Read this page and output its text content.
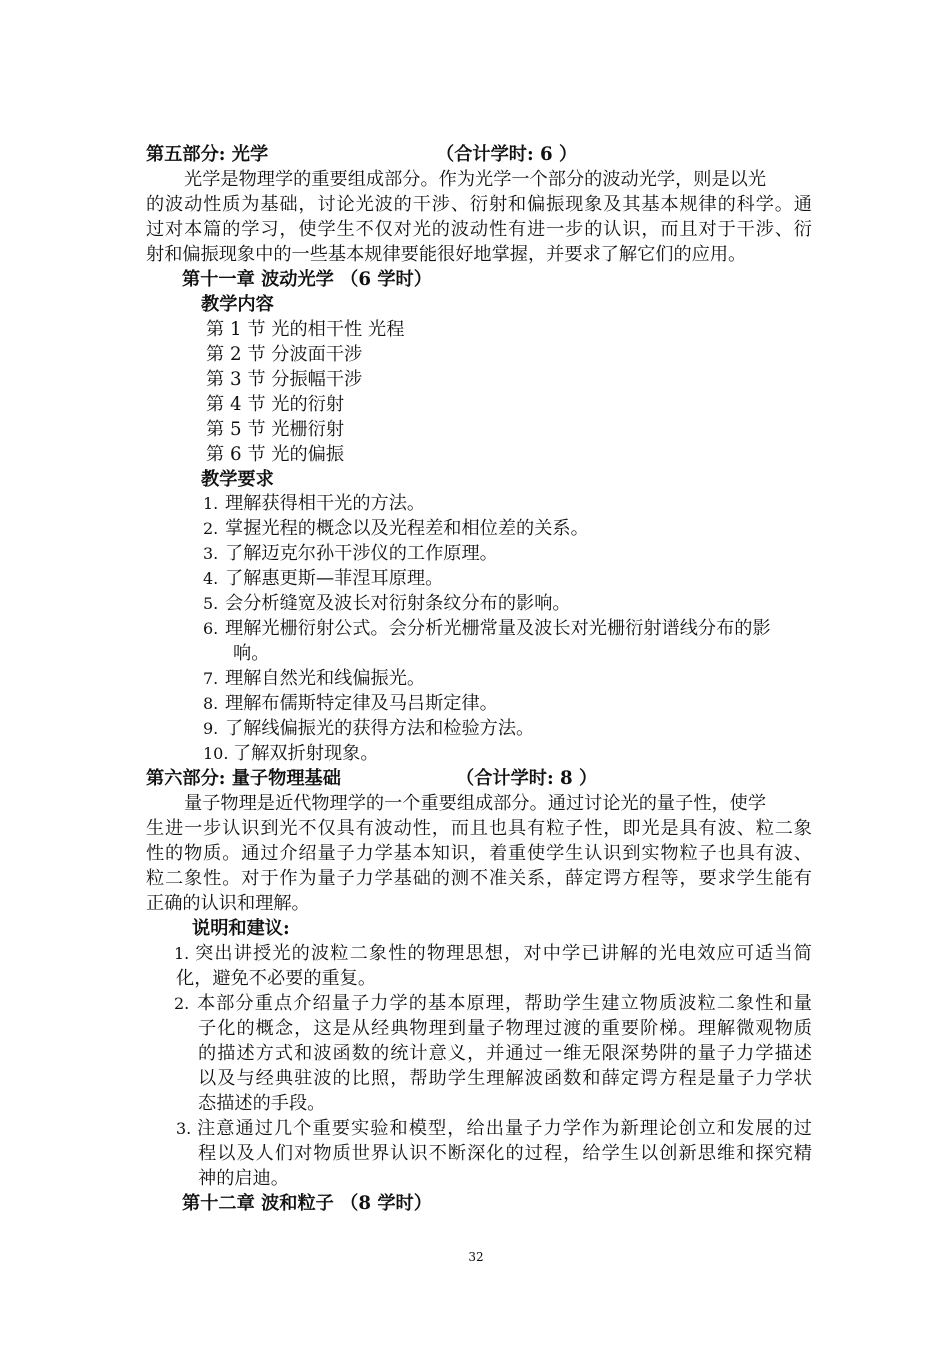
第五部分: 光学	（合计学时: 6 ）
光学是物理学的重要组成部分。作为光学一个部分的波动光学，则是以光
的波动性质为基础，讨论光波的干涉、衍射和偏振现象及其基本规律的科学。通
过对本篇的学习，使学生不仅对光的波动性有进一步的认识，而且对于干涉、衍
射和偏振现象中的一些基本规律要能很好地掌握，并要求了解它们的应用。
第十一章 波动光学 （6 学时）
教学内容
第 1 节 光的相干性 光程
第 2 节 分波面干涉
第 3 节 分振幅干涉
第 4 节 光的衍射
第 5 节 光栅衍射
第 6 节 光的偏振
教学要求
1. 理解获得相干光的方法。
2. 掌握光程的概念以及光程差和相位差的关系。
3. 了解迈克尔孙干涉仪的工作原理。
4. 了解惠更斯—菲涅耳原理。
5. 会分析缝宽及波长对衍射条纹分布的影响。
6. 理解光栅衍射公式。会分析光栅常量及波长对光栅衍射谱线分布的影
响。
7. 理解自然光和线偏振光。
8. 理解布儒斯特定律及马吕斯定律。
9. 了解线偏振光的获得方法和检验方法。
10. 了解双折射现象。
第六部分: 量子物理基础	（合计学时: 8 ）
量子物理是近代物理学的一个重要组成部分。通过讨论光的量子性，使学
生进一步认识到光不仅具有波动性，而且也具有粒子性，即光是具有波、粒二象
性的物质。通过介绍量子力学基本知识，着重使学生认识到实物粒子也具有波、
粒二象性。对于作为量子力学基础的测不准关系，薛定谔方程等，要求学生能有
正确的认识和理解。
说明和建议:
1. 突出讲授光的波粒二象性的物理思想，对中学已讲解的光电效应可适当简
化，避免不必要的重复。
2. 本部分重点介绍量子力学的基本原理，帮助学生建立物质波粒二象性和量
子化的概念，这是从经典物理到量子物理过渡的重要阶梯。理解微观物质
的描述方式和波函数的统计意义，并通过一维无限深势阱的量子力学描述
以及与经典驻波的比照，帮助学生理解波函数和薛定谔方程是量子力学状
态描述的手段。
3. 注意通过几个重要实验和模型，给出量子力学作为新理论创立和发展的过
程以及人们对物质世界认识不断深化的过程，给学生以创新思维和探究精
神的启迪。
第十二章 波和粒子 （8 学时）
32
